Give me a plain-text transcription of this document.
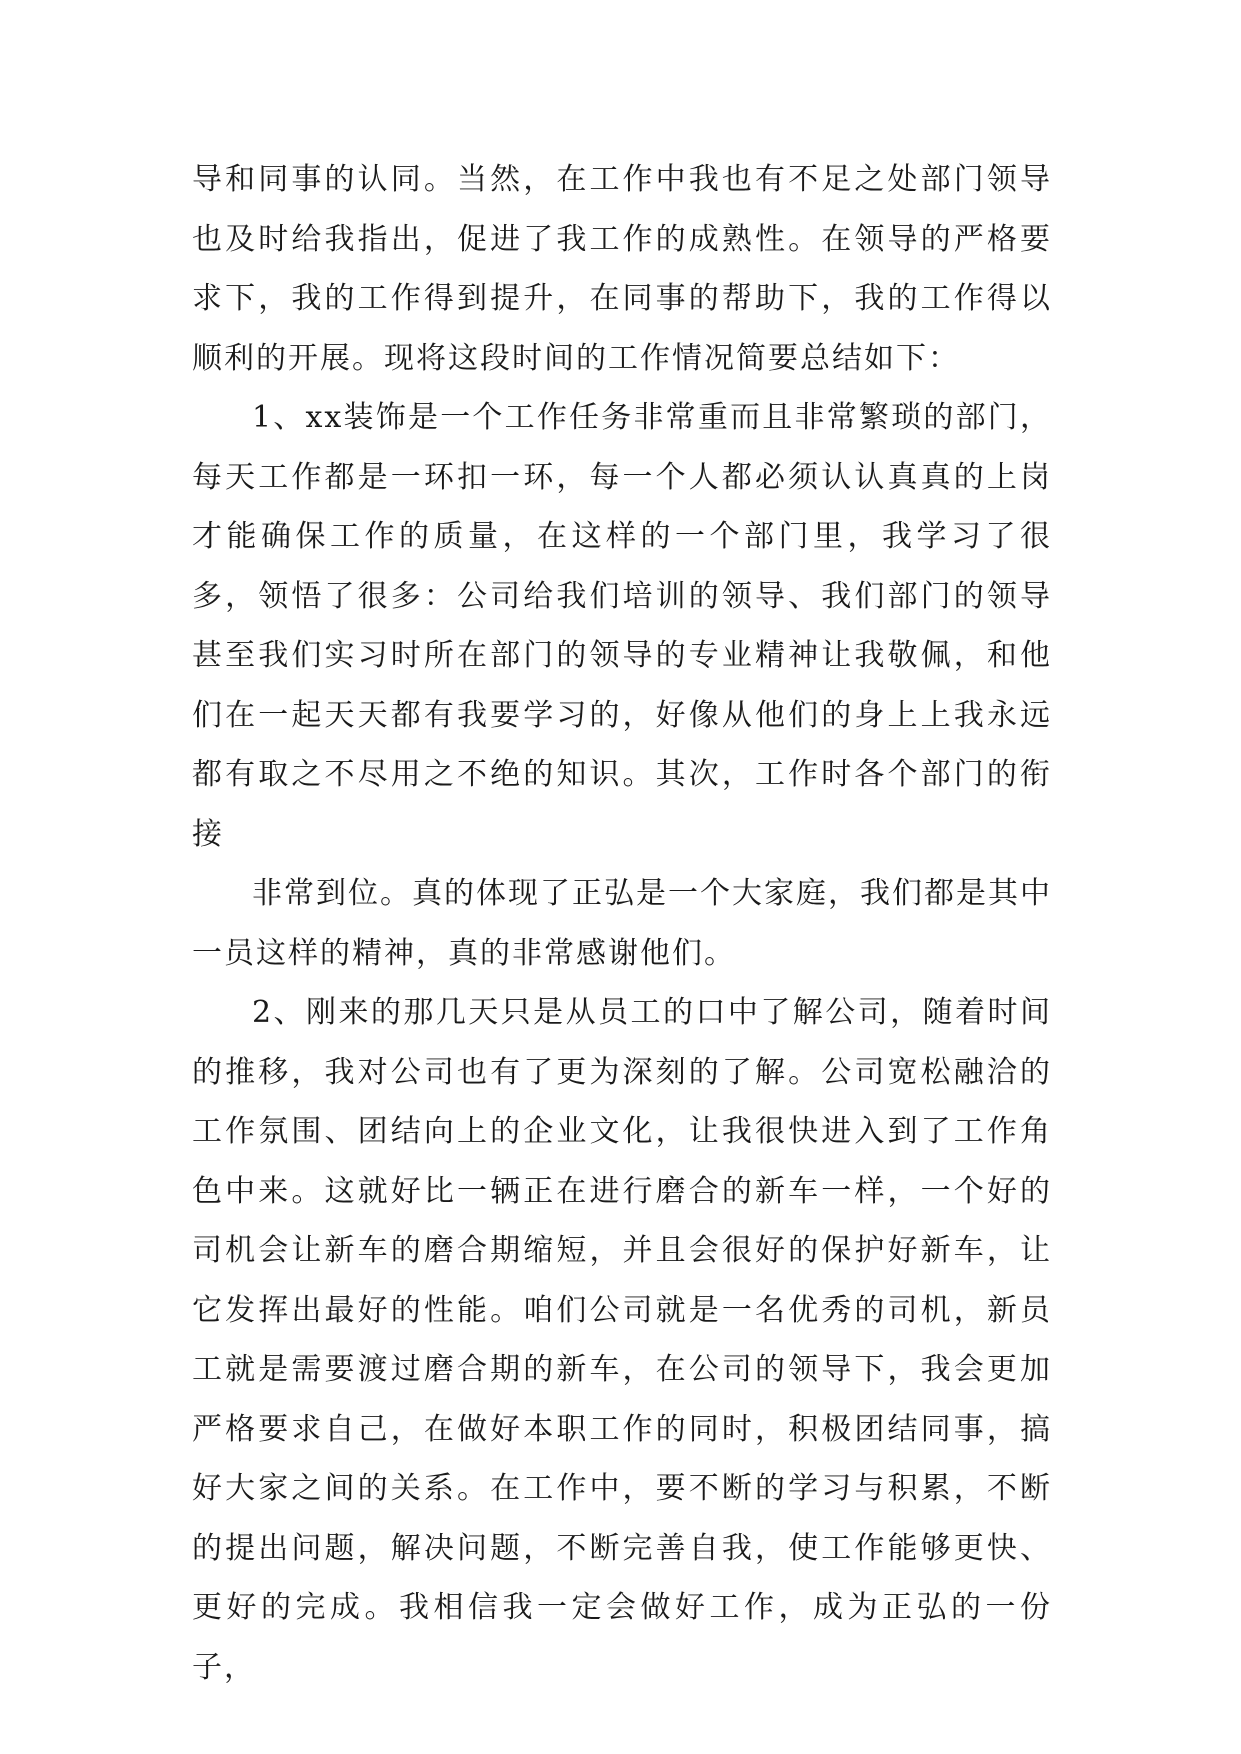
导和同事的认同。当然，在工作中我也有不足之处部门领导也及时给我指出，促进了我工作的成熟性。在领导的严格要求下，我的工作得到提升，在同事的帮助下，我的工作得以顺利的开展。现将这段时间的工作情况简要总结如下：

1、xx装饰是一个工作任务非常重而且非常繁琐的部门，每天工作都是一环扣一环，每一个人都必须认认真真的上岗才能确保工作的质量，在这样的一个部门里，我学习了很多，领悟了很多：公司给我们培训的领导、我们部门的领导甚至我们实习时所在部门的领导的专业精神让我敬佩，和他们在一起天天都有我要学习的，好像从他们的身上上我永远都有取之不尽用之不绝的知识。其次，工作时各个部门的衔接

非常到位。真的体现了正弘是一个大家庭，我们都是其中一员这样的精神，真的非常感谢他们。

2、刚来的那几天只是从员工的口中了解公司，随着时间的推移，我对公司也有了更为深刻的了解。公司宽松融洽的工作氛围、团结向上的企业文化，让我很快进入到了工作角色中来。这就好比一辆正在进行磨合的新车一样，一个好的司机会让新车的磨合期缩短，并且会很好的保护好新车，让它发挥出最好的性能。咱们公司就是一名优秀的司机，新员工就是需要渡过磨合期的新车，在公司的领导下，我会更加严格要求自己，在做好本职工作的同时，积极团结同事，搞好大家之间的关系。在工作中，要不断的学习与积累，不断的提出问题，解决问题，不断完善自我，使工作能够更快、更好的完成。我相信我一定会做好工作，成为正弘的一份子，
